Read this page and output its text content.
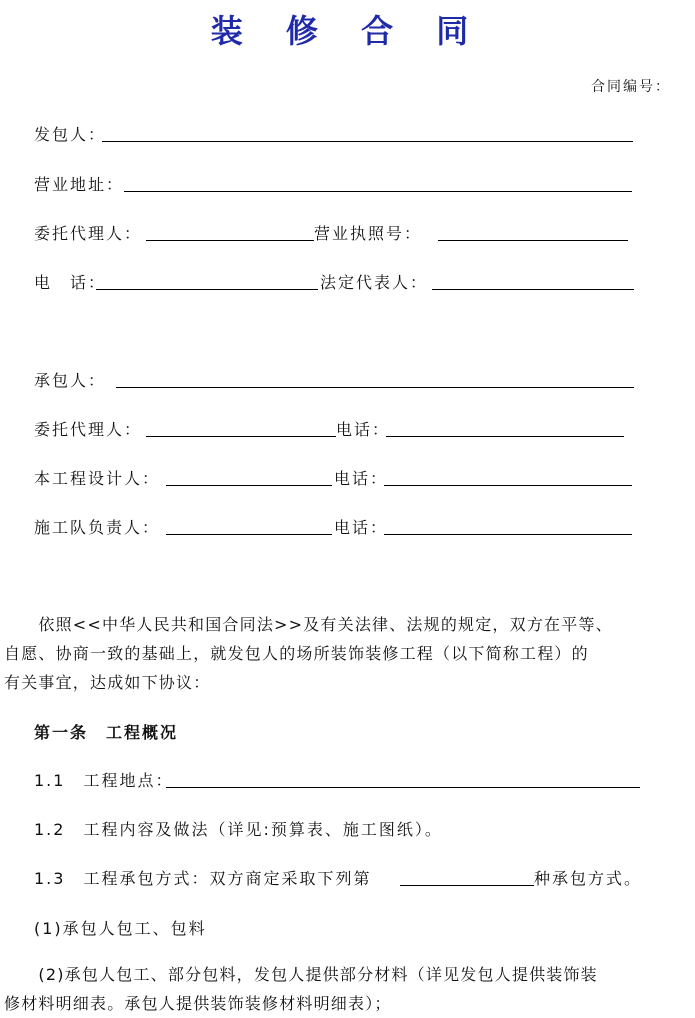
装 修 合 同
合同编号：
发包人：
营业地址：
委托代理人：	营业执照号：
电　话：	法定代表人：
承包人：
委托代理人：	电话：
本工程设计人：	电话：
施工队负责人：	电话：
　　依照<<中华人民共和国合同法>>及有关法律、法规的规定，双方在平等、
自愿、协商一致的基础上，就发包人的场所装饰装修工程（以下简称工程）的
有关事宜，达成如下协议：
第一条　工程概况
1.1　工程地点：
1.2　工程内容及做法（详见:预算表、施工图纸）。
1.3　工程承包方式：双方商定采取下列第	种承包方式。
(1)承包人包工、包料
　　(2)承包人包工、部分包料，发包人提供部分材料（详见发包人提供装饰装
修材料明细表。承包人提供装饰装修材料明细表）；
